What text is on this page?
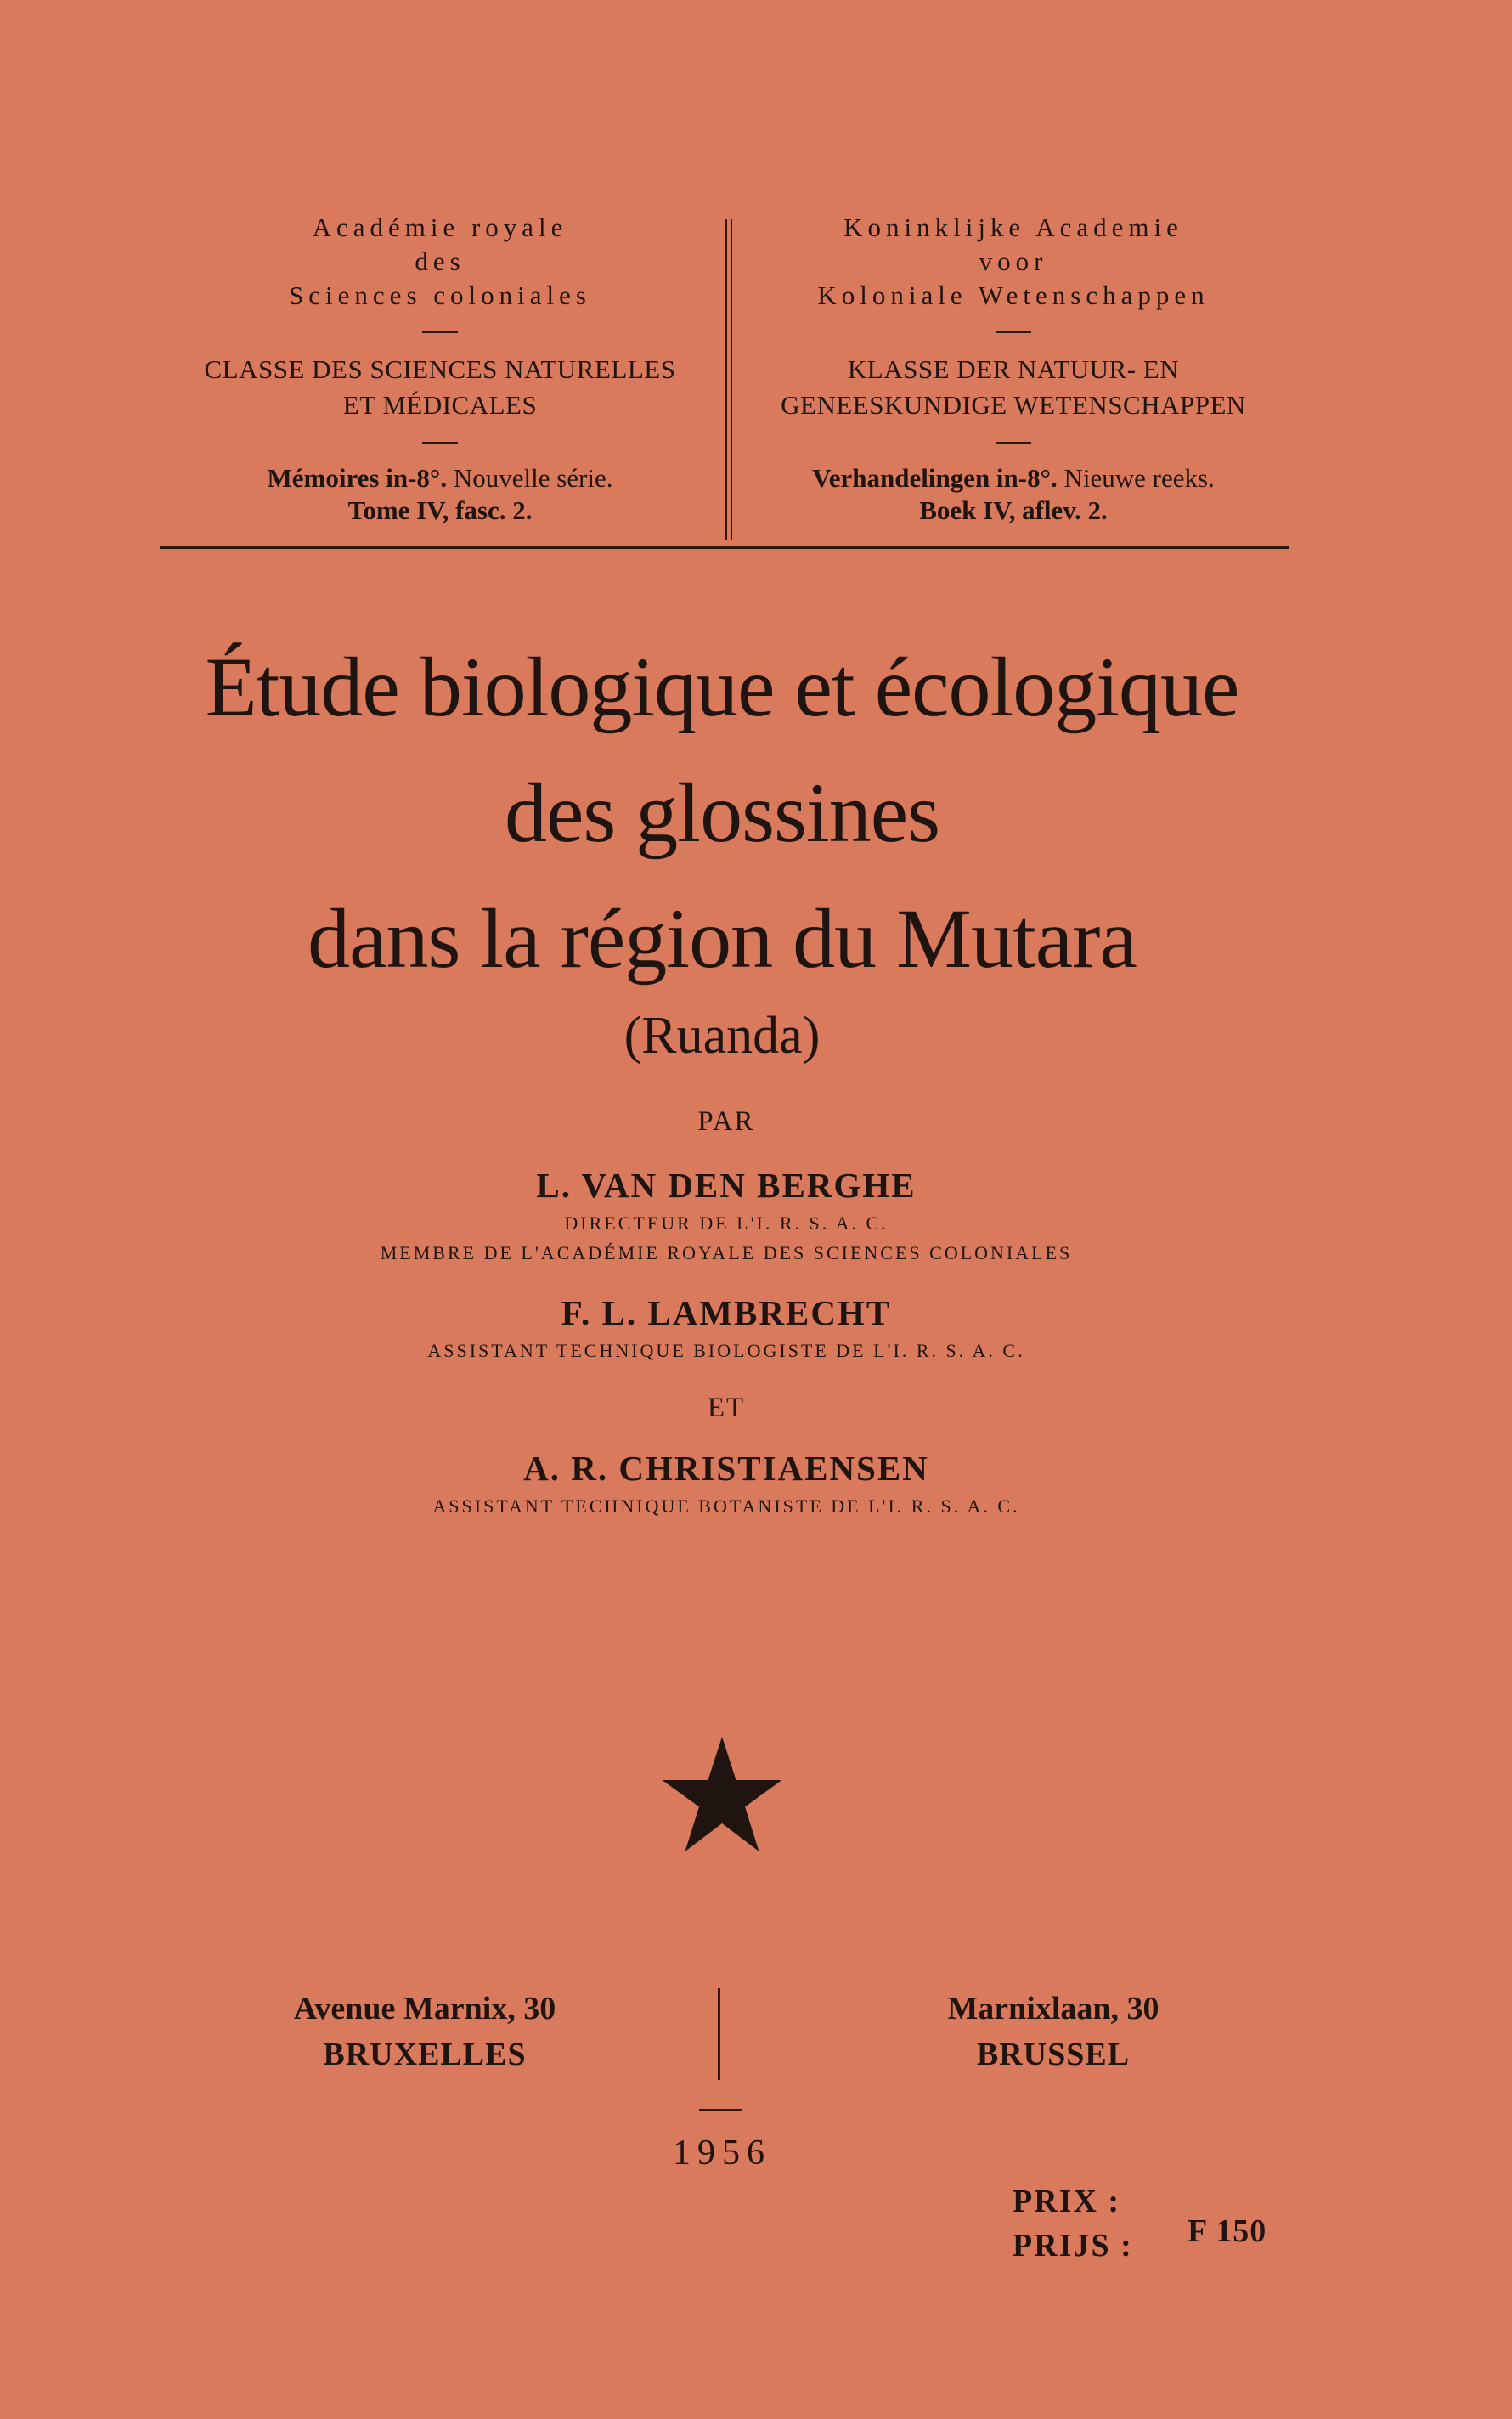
Académie royale

des

Sciences coloniales

CLASSE DES SCIENCES NATURELLES

ET MÉDICALES

Mémoires in-8°. Nouvelle série.

Tome IV, fasc. 2.

Koninklijke Academie

voor

Koloniale Wetenschappen

KLASSE DER NATUUR- EN

GENEESKUNDIGE WETENSCHAPPEN

Verhandelingen in-8°. Nieuwe reeks.

Boek IV, aflev. 2.

Étude biologique et écologique

des glossines

dans la région du Mutara

(Ruanda)

PAR

L. VAN DEN BERGHE

DIRECTEUR DE L'I. R. S. A. C.

MEMBRE DE L'ACADÉMIE ROYALE DES SCIENCES COLONIALES

F. L. LAMBRECHT

ASSISTANT TECHNIQUE BIOLOGISTE DE L'I. R. S. A. C.

ET

A. R. CHRISTIAENSEN

ASSISTANT TECHNIQUE BOTANISTE DE L'I. R. S. A. C.

Avenue Marnix, 30

BRUXELLES

Marnixlaan, 30

BRUSSEL

1956

PRIX :

PRIJS :	F 150
